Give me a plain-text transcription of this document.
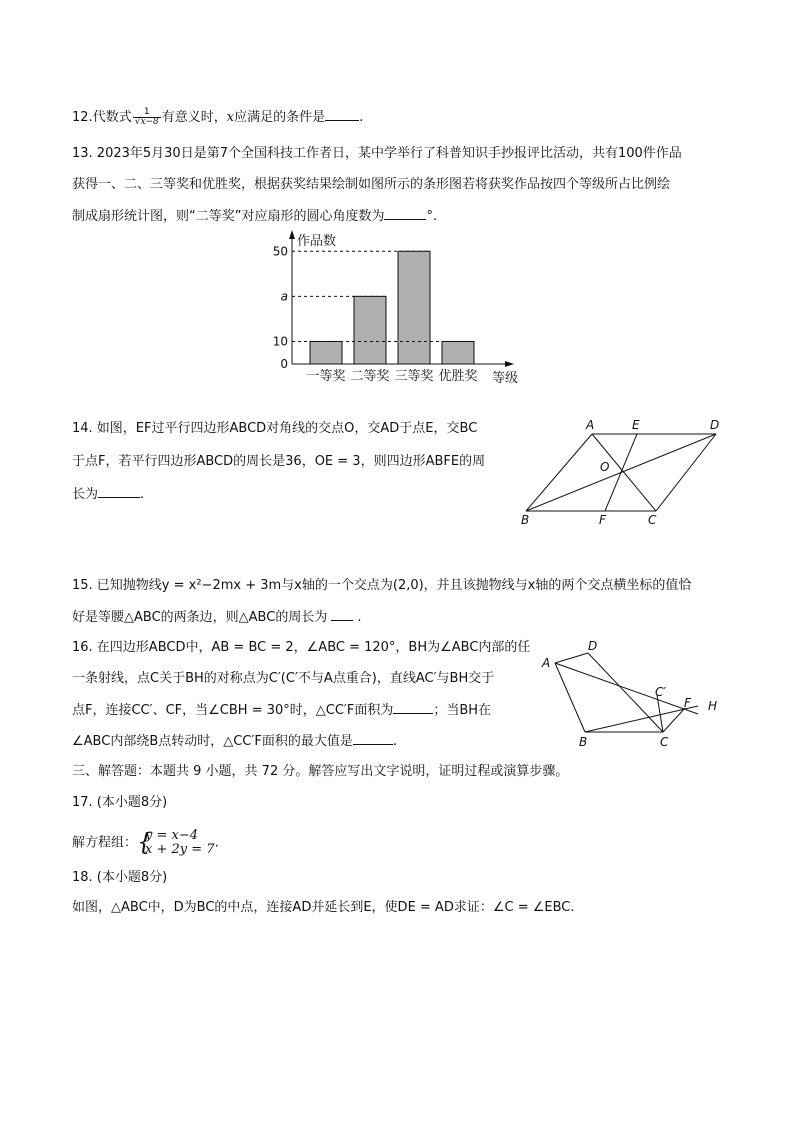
12.代数式 $\frac{1}{√x-8}$ 有意义时，x应满足的条件是	.
13. 2023年5月30日是第7个全国科技工作者日，某中学举行了科普知识手抄报评比活动，共有100件作品
获得一、二、三等奖和优胜奖，根据获奖结果绘制如图所示的条形图若将获奖作品按四个等级所占比例绘
制成扇形统计图，则“二等奖”对应扇形的圆心角度数为	°.
作品数
等级
50
a
10
0
一等奖 二等奖 三等奖 优胜奖
14. 如图，EF过平行四边形ABCD对角线的交点O，交AD于点E，交BC
于点F，若平行四边形ABCD的周长是36，OE = 3，则四边形ABFE的周
长为	.
A	E	D
O
B	F	C
15. 已知抛物线y = x²−2mx + 3m与x轴的一个交点为(2,0)，并且该抛物线与x轴的两个交点横坐标的值恰
好是等腰△ABC的两条边，则△ABC的周长为 .
16. 在四边形ABCD中，AB = BC = 2，∠ABC = 120°，BH为∠ABC内部的任
一条射线，点C关于BH的对称点为C′(C′不与A点重合)，直线AC′与BH交于
点F，连接CC′、CF，当∠CBH = 30°时，△CC′F面积为	；当BH在
∠ABC内部绕B点转动时，△CC′F面积的最大值是	.
A
D
C′
F H
B	C
三、解答题：本题共 9 小题，共 72 分。解答应写出文字说明，证明过程或演算步骤。
17. (本小题8分)
解方程组： {
y = x−4
x + 2y = 7 .
18. (本小题8分)
如图，△ABC中，D为BC的中点，连接AD并延长到E，使DE = AD求证：∠C = ∠EBC.
